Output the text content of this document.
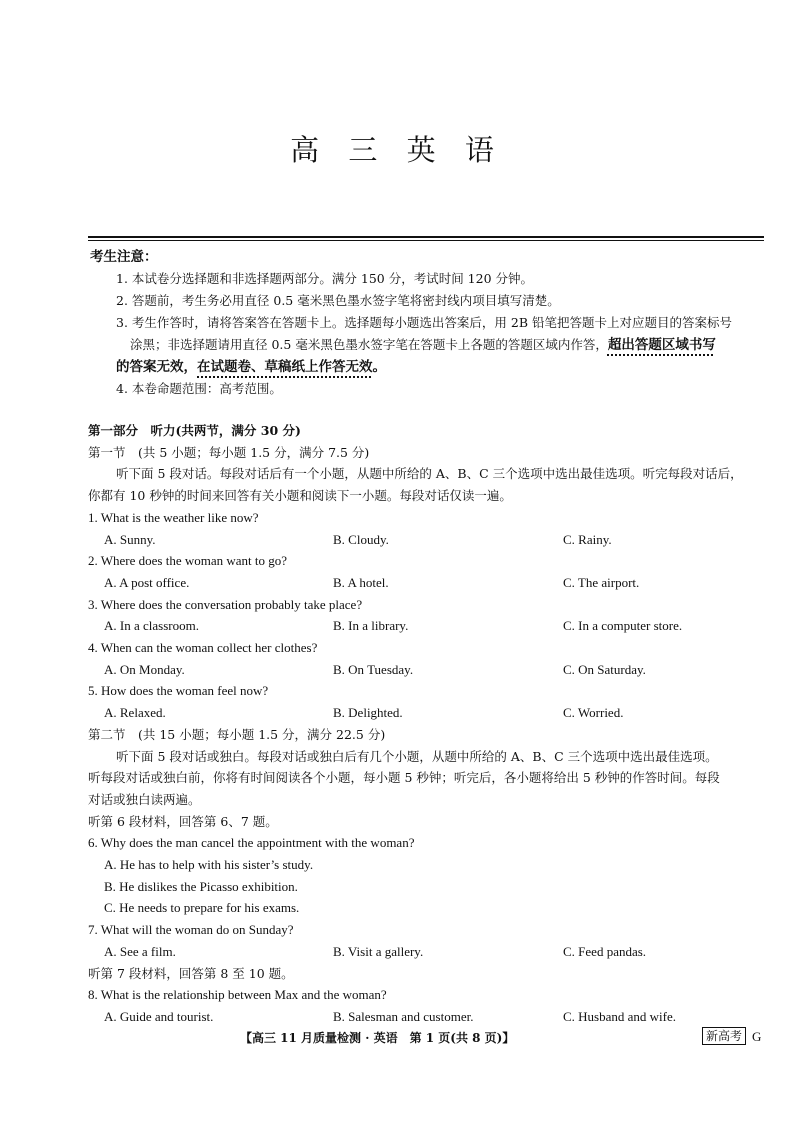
高 三 英 语
考生注意：
1. 本试卷分选择题和非选择题两部分。满分 150 分，考试时间 120 分钟。
2. 答题前，考生务必用直径 0.5 毫米黑色墨水签字笔将密封线内项目填写清楚。
3. 考生作答时，请将答案答在答题卡上。选择题每小题选出答案后，用 2B 铅笔把答题卡上对应题目的答案标号
涂黑；非选择题请用直径 0.5 毫米黑色墨水签字笔在答题卡上各题的答题区域内作答，超出答题区域书写
的答案无效，在试题卷、草稿纸上作答无效。
4. 本卷命题范围：高考范围。
第一部分　听力(共两节，满分 30 分)
第一节　(共 5 小题；每小题 1.5 分，满分 7.5 分)
听下面 5 段对话。每段对话后有一个小题，从题中所给的 A、B、C 三个选项中选出最佳选项。听完每段对话后，
你都有 10 秒钟的时间来回答有关小题和阅读下一小题。每段对话仅读一遍。
1. What is the weather like now?
A. Sunny.	B. Cloudy.	C. Rainy.
2. Where does the woman want to go?
A. A post office.	B. A hotel.	C. The airport.
3. Where does the conversation probably take place?
A. In a classroom.	B. In a library.	C. In a computer store.
4. When can the woman collect her clothes?
A. On Monday.	B. On Tuesday.	C. On Saturday.
5. How does the woman feel now?
A. Relaxed.	B. Delighted.	C. Worried.
第二节　(共 15 小题；每小题 1.5 分，满分 22.5 分)
听下面 5 段对话或独白。每段对话或独白后有几个小题，从题中所给的 A、B、C 三个选项中选出最佳选项。
听每段对话或独白前，你将有时间阅读各个小题，每小题 5 秒钟；听完后，各小题将给出 5 秒钟的作答时间。每段
对话或独白读两遍。
听第 6 段材料，回答第 6、7 题。
6. Why does the man cancel the appointment with the woman?
A. He has to help with his sister’s study.
B. He dislikes the Picasso exhibition.
C. He needs to prepare for his exams.
7. What will the woman do on Sunday?
A. See a film.	B. Visit a gallery.	C. Feed pandas.
听第 7 段材料，回答第 8 至 10 题。
8. What is the relationship between Max and the woman?
A. Guide and tourist.	B. Salesman and customer.	C. Husband and wife.
【高三 11 月质量检测 · 英语　第 1 页(共 8 页)】	新高考 G
